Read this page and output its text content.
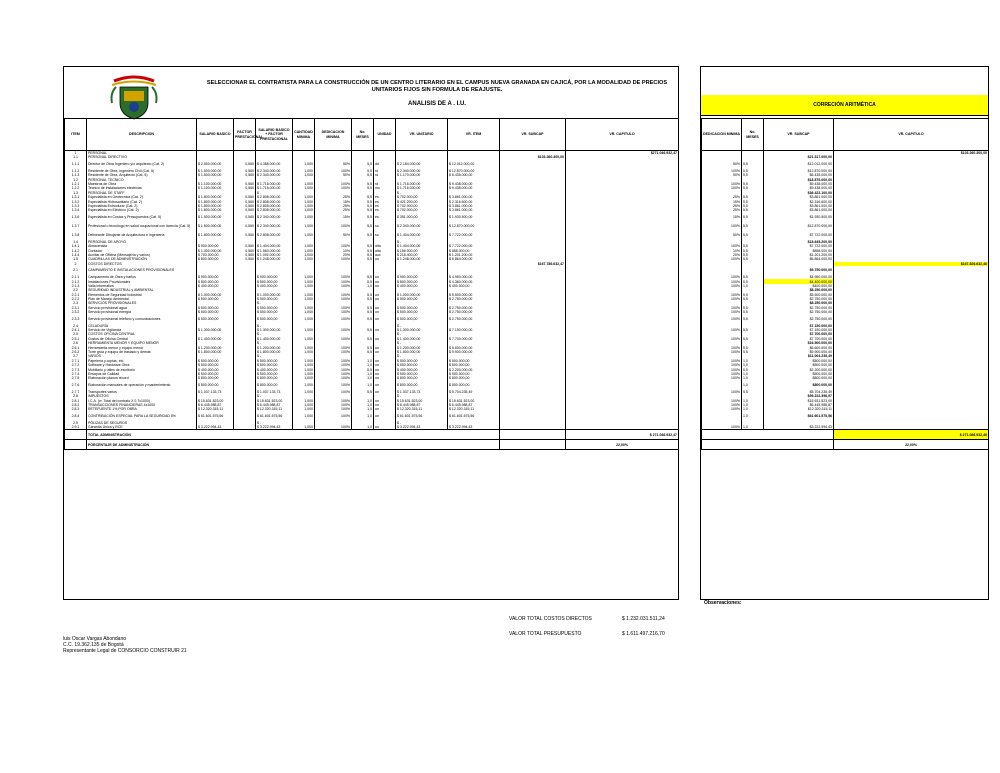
SELECCIONAR EL CONTRATISTA PARA LA CONSTRUCCIÓN DE UN CENTRO LITERARIO EN EL CAMPUS NUEVA GRANADA EN CAJICÁ, POR LA MODALIDAD DE PRECIOS
UNITARIOS FIJOS SIN FORMULA DE REAJUSTE.
ANALISIS DE A . I.U.
ITEM	DESCRIPCION	SALARIO BASICO	FACTOR PRESTACIONAL	SALARIO BASICO + FACTOR PRESTACIONAL	CANTIDAD MINIMA	DEDICACION MINIMA	No. MESES	UNIDAD	VR. UNITARIO	VR. ITEM	VR. SUBCAP	VR. CAPITULO
1	PERSONAL											$271.046.932,47
1.1	PERSONAL DIRECTIVO										$103.260.300,00	
1.1.1	Director de Obra Ingeniero y/o arquitecto (Cat. 2)	$ 2.500.000,00	0,560	$ 4.388.000,00	1,000	50%	5,5	dd	$ 2.184.000,00	$ 12.012.000,00		
1.1.2	Residente de Obra, Ingeniero Civil (Cat. 5)	$ 1.500.000,00	0,560	$ 2.340.000,00	1,000	100%	5,5	rd	$ 2.340.000,00	$ 12.870.000,00		
1.1.3	Residente de Obra, Arquitecto (Cat. 5)	$ 1.500.000,00	0,560	$ 2.340.000,00	1,000	50%	5,5	rd	$ 1.170.000,00	$ 6.435.000,00		
1.2	PERSONAL TECNICO											
1.2.1	Maestros de Obra	$ 1.100.000,00	0,560	$ 1.716.000,00	1,000	100%	5,5	rd	$ 1.716.000,00	$ 9.438.000,00		
1.2.2	Tecnico de instalaciones electricas	$ 1.100.000,00	0,560	$ 1.716.000,00	1,000	100%	5,5	mo	$ 1.716.000,00	$ 9.438.000,00		
1.3	PERSONAL DE STAFF			$ -					$ -			
1.3.1	Especialista en Geotecnica (Cat. 2)	$ 1.800.000,00	0,560	$ 2.808.000,00	1,000	25%	5,5	es	$ 702.000,00	$ 3.861.000,00		
1.3.2	Especialista Hidrosanitario (Cat. 2)	$ 1.800.000,00	0,560	$ 2.808.000,00	1,000	15%	5,5	es	$ 421.200,00	$ 2.316.600,00		
1.3.3	Especialista Estructurar (Cat. 2)	$ 1.800.000,00	0,560	$ 2.808.000,00	1,000	25%	5,5	es	$ 702.000,00	$ 3.861.000,00		
1.3.4	Especialista en Eléctrico (Cat. 2)	$ 1.800.000,00	0,560	$ 2.808.000,00	1,000	25%	5,5	es	$ 702.000,00	$ 3.861.000,00		
1.3.6	Especialista en Costos y Presupuestos (Cat. 5)	$ 1.500.000,00	0,560	$ 2.340.000,00	1,000	15%	5,5	es	$ 351.000,00	$ 1.930.500,00		
1.3.7	Profesional o tecnólogo en salud ocupacional con licencia (Cat. 5)	$ 1.500.000,00	0,560	$ 2.340.000,00	1,000	100%	5,5	so	$ 2.340.000,00	$ 12.870.000,00		
1.3.8	Delineante Dibujante de Arquitectura e Ingeniería	$ 1.800.000,00	0,560	$ 2.808.000,00	1,000	50%	5,5	so	$ 1.404.000,00	$ 7.722.000,00		
1.4	PERSONAL DE APOYO								$ -			
1.4.1	Almacenista	$ 900.000,00	0,560	$ 1.404.000,00	1,000	100%	5,5	alta	$ 1.404.000,00	$ 7.722.000,00		
1.4.2	Contador	$ 1.000.000,00	0,560	$ 1.560.000,00	1,000	10%	5,5	alta	$ 156.000,00	$ 858.000,00		
1.4.4	Auxiliar de Oficina (Mensajería y varios)	$ 700.000,00	0,560	$ 1.092.000,00	1,000	20%	5,5	aux	$ 218.400,00	$ 1.201.200,00		
1.5	CUADRILLAS DE ADMINISTRACIÓN	$ 800.000,00	0,560	$ 1.248.000,00	1,000	100%	5,5	un	$ 1.248.000,00	$ 6.864.000,00		
2	COSTOS DIRECTOS										$167.786.632,47	
2.1	CAMPAMENTO E INSTALACIONES PROVISIONALES											
2.1.1	Campamento de Obra y baños	$ 900.000,00		$ 900.000,00	1,000	100%	5,5	un	$ 900.000,00	$ 4.950.000,00		
2.1.2	Instalaciones Provisionales	$ 800.000,00		$ 800.000,00	1,000	100%	5,5	un	$ 800.000,00	$ 4.360.000,00		
2.1.3	Valla informativa	$ 400.000,00		$ 400.000,00	1,000	100%	1,0	un	$ 400.000,00	$ 400.000,00		
2.2	SEGURIDAD INDUSTRIAL y AMBIENTAL											
2.2.1	Elementos de Seguridad Industrial	$ 1.000.000,00		$ 1.000.000,00	1,000	100%	5,5	un	$ 1.000.000,00	$ 5.500.000,00		
2.2.2	Plan de Manejo Ambiental	$ 500.000,00		$ 500.000,00	1,000	100%	5,5	un	$ 500.000,00	$ 2.750.000,00		
2.3	SERVICIOS PROVISIONALES			$ -								
2.3.1	Servicio provisional agua	$ 500.000,00		$ 500.000,00	1,000	100%	5,5	un	$ 500.000,00	$ 2.750.000,00		
2.3.2	Servicio provisional energía	$ 500.000,00		$ 500.000,00	1,000	100%	5,5	un	$ 500.000,00	$ 2.750.000,00		
2.3.3	Servicio provisional teléfono y comunicaciones	$ 500.000,00		$ 500.000,00	1,000	100%	5,5	un	$ 500.000,00	$ 2.750.000,00		
2.4	CELADURÍA			$ -					$ -			
2.4.1	Servicio de Vigilancia	$ 1.300.000,00		$ 1.300.000,00	1,000	100%	5,5	un	$ 1.300.000,00	$ 7.150.000,00		
2.5	COSTOS OFICINA CENTRAL			$ -					$ -			
2.5.1	Costos de Oficina Central	$ 1.400.000,00		$ 1.400.000,00	1,000	100%	5,5	un	$ 1.400.000,00	$ 7.700.000,00		
2.6	HERRAMIENTA MENOR Y EQUIPO MENOR			$ -					$ -			
2.6.1	Herramienta menor y equipo menor	$ 1.200.000,00		$ 1.200.000,00	1,000	100%	5,5	un	$ 1.200.000,00	$ 6.600.000,00		
2.6.2	Torre grúa y equipo de traslado y demás	$ 1.800.000,00		$ 1.800.000,00	1,000	100%	5,5	un	$ 1.800.000,00	$ 9.900.000,00		
2.7	VARIOS			$ -					$ -			
2.7.1	Papelería y copias, etc.	$ 500.000,00		$ 500.000,00	1,000	100%	1,0	un	$ 500.000,00	$ 500.000,00		
2.7.2	Software y Hardware Obra	$ 500.000,00		$ 500.000,00	1,000	100%	1,0	un	$ 500.000,00	$ 500.000,00		
2.7.3	Mobiliario y útiles de escritorio	$ 400.000,00		$ 400.000,00	1,000	100%	5,5	un	$ 400.000,00	$ 2.200.000,00		
2.7.4	Ensayos de Calidad	$ 500.000,00		$ 500.000,00	1,000	100%	1,0	un	$ 500.000,00	$ 500.000,00		
2.7.5	Elaboración planos récord	$ 800.000,00		$ 800.000,00	1,000	100%	1,0	un	$ 800.000,00	$ 800.000,00		
2.7.6	Elaboración manuales de operación y mantenimiento	$ 800.000,00		$ 800.000,00	1,000	100%	1,0	un	$ 800.000,00	$ 800.000,00		
2.7.7	Transportes varios	$ 1.037.133,73		$ 1.037.133,73	1,000	100%	5,5	un	$ 1.037.133,73	$ 5.704.235,49		
2.8	IMPUESTOS			$ -					$ -			
2.8.1	I.C.A. (vr. Total del contrato X 0,7x1000)	$ 15.631.523,00		$ 15.631.523,00	1,000	100%	1,0	un	$ 15.631.523,00	$ 15.631.523,00		
2.8.2	TRANSACCIONES FINANCIERAS 4x1000	$ 6.445.988,87		$ 6.445.988,87	1,000	100%	1,0	un	$ 6.445.988,87	$ 6.445.988,87		
2.8.3	RETEFUENTE 1% POR OBRA	$ 12.320.315,11		$ 12.320.315,11	1,000	100%	1,0	un	$ 12.320.315,11	$ 12.320.315,11		
2.8.4	CONTRIBUCIÓN ESPECIAL PARA LA SEGURIDAD 5%	$ 61.601.575,56		$ 61.601.575,56	1,000	100%	1,0	un	$ 61.601.575,56	$ 61.601.575,56		
2.9	PÓLIZAS DE SEGUROS			$ -					$ -			
2.9.1	Garantía Única y RCE	$ 3.222.994,43		$ 3.222.994,43	1,000	100%	1,0	un	$ 3.222.994,43	$ 3.222.994,43		
	TOTAL ADMINISTRACIÓN											$ 271.046.932,47
	PORCENTAJE DE ADMINISTRACIÓN											22,00%
CORRECIÓN ARITMÉTICA
DEDICACION MINIMA	No. MESES	VR. SUBCAP	VR. CAPITULO
			$103.260.300,00
		$21.317.000,00	
50%	5,5	$12.012.000,00	
100%	5,5	$12.870.000,00	
50%	5,5	$6.435.000,00	
		$18.876.000,00	
100%	5,5	$9.438.000,00	
100%	5,5	$9.438.000,00	
		$36.422.100,00	
25%	5,5	$3.861.000,00	
15%	5,5	$2.316.600,00	
25%	5,5	$3.861.000,00	
25%	5,5	$3.861.000,00	
15%	5,5	$1.930.500,00	
100%	5,5	$12.870.000,00	
50%	5,5	$7.722.000,00	
		$18.645.200,00	
100%	5,5	$7.722.000,00	
10%	5,5	$858.000,00	
20%	5,5	$1.201.200,00	
100%	5,5	$6.864.000,00	
			$167.826.632,46
		$9.750.000,00	
100%	5,5	$4.950.000,00	
100%	5,5	$4.400.000,00	
100%	1,0	$400.000,00	
		$8.250.000,00	
100%	5,5	$5.500.000,00	
100%	5,5	$2.750.000,00	
		$8.250.000,00	
100%	5,5	$2.750.000,00	
100%	5,5	$2.750.000,00	
100%	5,5	$2.750.000,00	
		$7.150.000,00	
100%	5,5	$7.150.000,00	
		$7.700.000,00	
100%	5,5	$7.700.000,00	
		$16.500.000,00	
100%	5,5	$6.600.000,00	
100%	5,5	$9.900.000,00	
		$11.004.235,49	
100%	1,0	$500.000,00	
100%	1,0	$500.000,00	
100%	5,5	$2.200.000,00	
100%	1,0	$500.000,00	
100%	1,0	$800.000,00	
	1,0	$800.000,00	
100%	5,5	$5.704.235,49	
		$99.222.396,97	
100%	1,0	$15.631.523,00	
100%	1,0	$6.445.988,87	
100%	1,0	$12.320.315,11	
	1,0	$61.601.575,56	

100%	1,0	$3.222.994,43	
			$ 271.086.932,46
			22,00%
Observaciones:
VALOR TOTAL COSTOS DIRECTOS	$ 1.232.031.511,24
VALOR TOTAL PRESUPUESTO	$ 1.611.497.216,70
luis Oscar Vargas Abondano
C.C. 19.362.135 de Bogotá
Representante Legal de CONSORCIO CONSTRUIR 21
